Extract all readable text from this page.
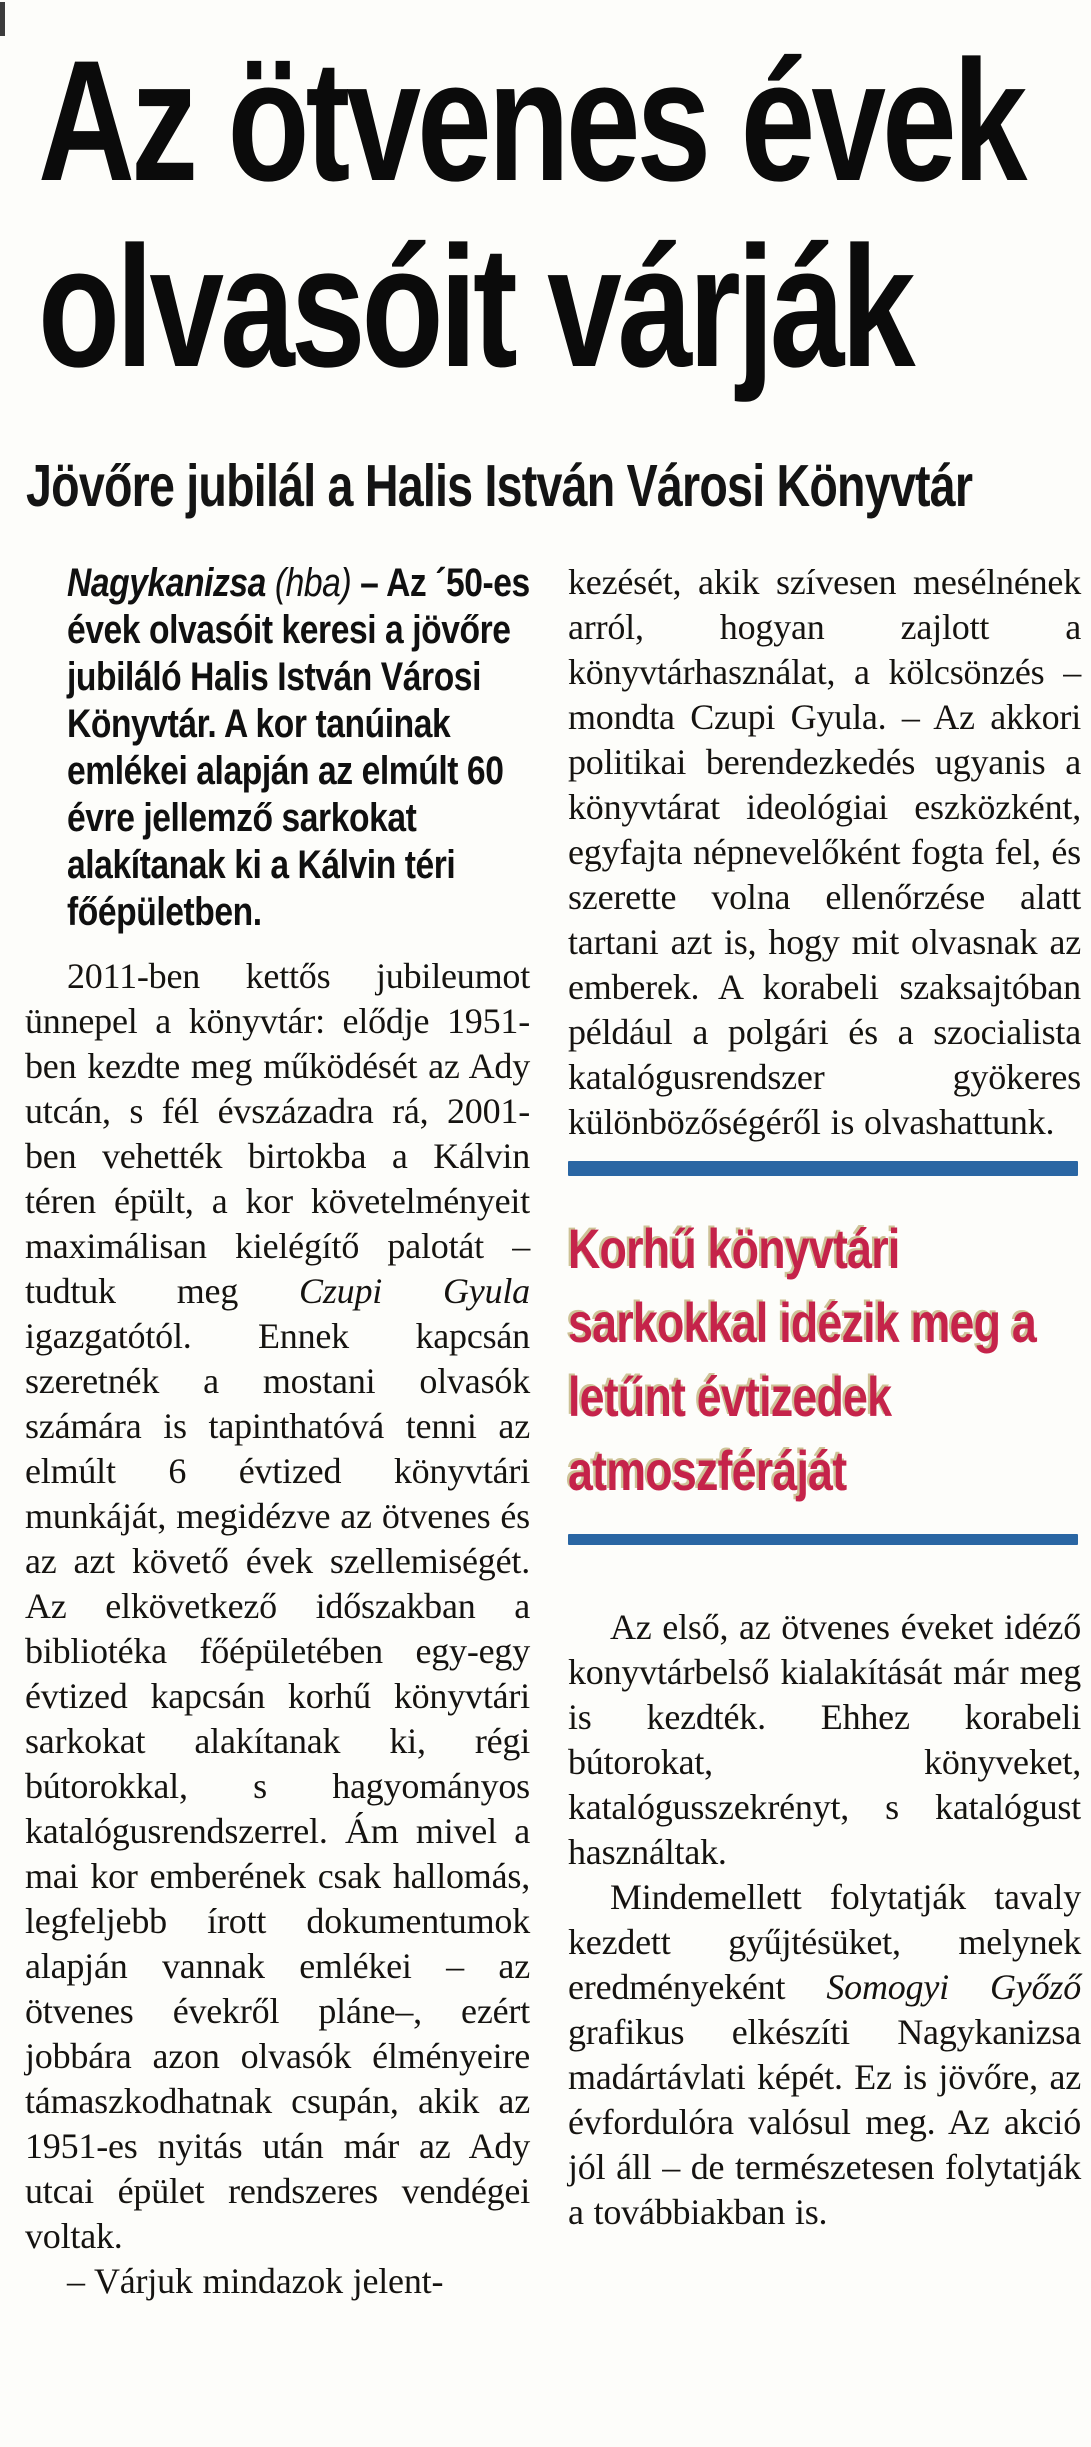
Az ötvenes évek
olvasóit várják
Jövőre jubilál a Halis István Városi Könyvtár

Nagykanizsa (hba) – Az ´50-es évek olvasóit keresi a jövőre jubiláló Halis István Városi Könyvtár. A kor tanúinak emlékei alapján az elmúlt 60 évre jellemző sarkokat alakítanak ki a Kálvin téri főépületben.

2011-ben kettős jubileumot ünnepel a könyvtár: elődje 1951-ben kezdte meg működését az Ady utcán, s fél évszázadra rá, 2001-ben vehették birtokba a Kálvin téren épült, a kor követelményeit maximálisan kielégítő palotát – tudtuk meg Czupi Gyula igazgatótól. Ennek kapcsán szeretnék a mostani olvasók számára is tapinthatóvá tenni az elmúlt 6 évtized könyvtári munkáját, megidézve az ötvenes és az azt követő évek szellemiségét. Az elkövetkező időszakban a bibliotéka főépületében egy-egy évtized kapcsán korhű könyvtári sarkokat alakítanak ki, régi bútorokkal, s hagyományos katalógusrendszerrel. Ám mivel a mai kor emberének csak hallomás, legfeljebb írott dokumentumok alapján vannak emlékei – az ötvenes évekről pláne–, ezért jobbára azon olvasók élményeire támaszkodhatnak csupán, akik az 1951-es nyitás után már az Ady utcai épület rendszeres vendégei voltak.

– Várjuk mindazok jelent-

kezését, akik szívesen mesélnének arról, hogyan zajlott a könyvtárhasználat, a kölcsönzés – mondta Czupi Gyula. – Az akkori politikai berendezkedés ugyanis a könyvtárat ideológiai eszközként, egyfajta népnevelőként fogta fel, és szerette volna ellenőrzése alatt tartani azt is, hogy mit olvasnak az emberek. A korabeli szaksajtóban például a polgári és a szocialista katalógusrendszer gyökeres különbözőségéről is olvashattunk.

Korhű könyvtári sarkokkal idézik meg a letűnt évtizedek atmoszféráját

Az első, az ötvenes éveket idéző konyvtárbelső kialakítását már meg is kezdték. Ehhez korabeli bútorokat, könyveket, katalógusszekrényt, s katalógust használtak.

Mindemellett folytatják tavaly kezdett gyűjtésüket, melynek eredményeként Somogyi Győző grafikus elkészíti Nagykanizsa madártávlati képét. Ez is jövőre, az évfordulóra valósul meg. Az akció jól áll – de természetesen folytatják a továbbiakban is.
